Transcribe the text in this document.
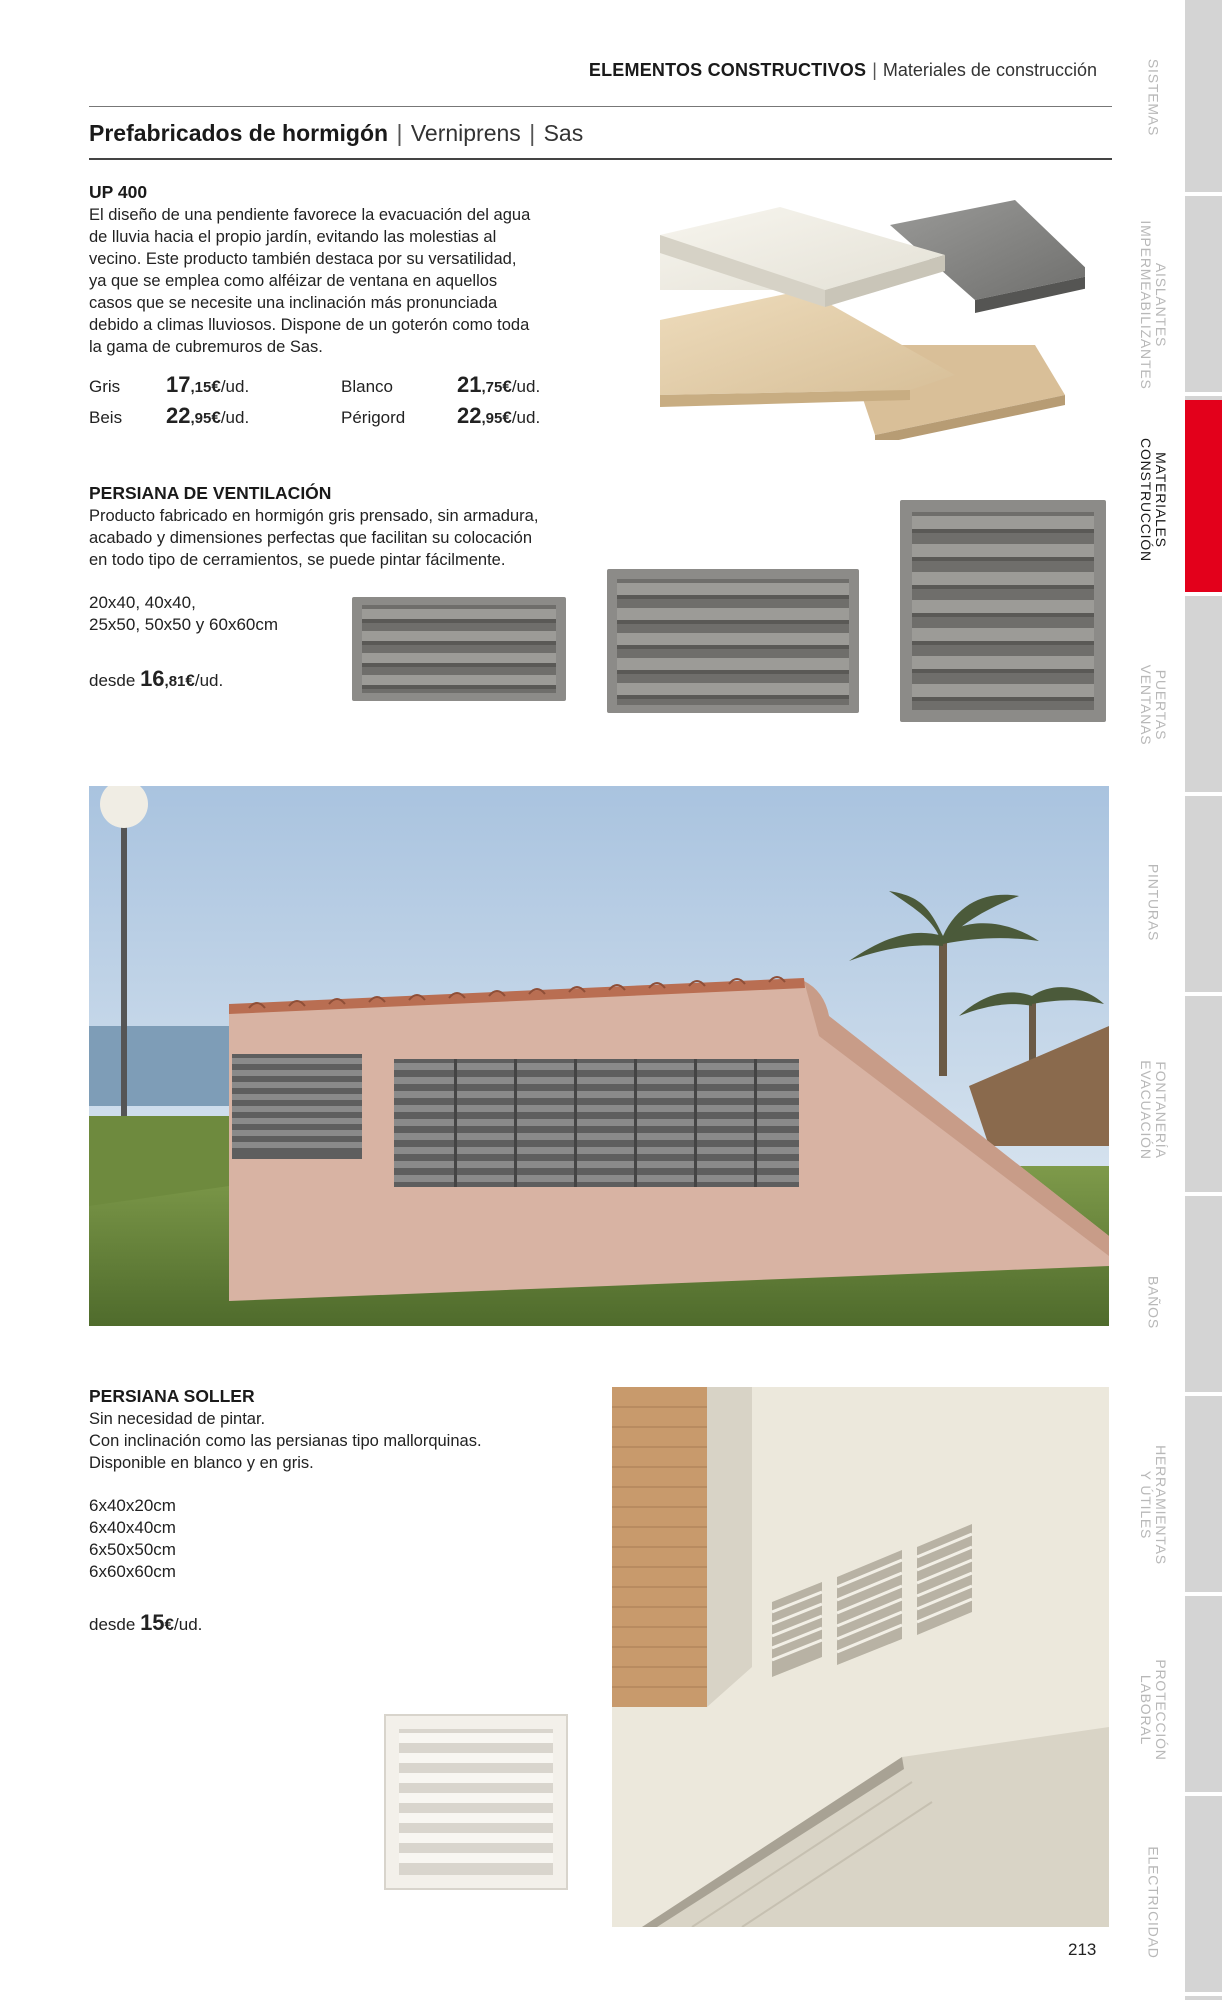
ELEMENTOS CONSTRUCTIVOS | Materiales de construcción
Prefabricados de hormigón | Verniprens | Sas
UP 400
El diseño de una pendiente favorece la evacuación del agua
de lluvia hacia el propio jardín, evitando las molestias al
vecino. Este producto también destaca por su versatilidad,
ya que se emplea como alféizar de ventana en aquellos
casos que se necesite una inclinación más pronunciada
debido a climas lluviosos. Dispone de un goterón como toda
la gama de cubremuros de Sas.
Gris 17,15€/ud.	Blanco	21,75€/ud.
Beis 22,95€/ud.	Périgord 22,95€/ud.
PERSIANA DE VENTILACIÓN
Producto fabricado en hormigón gris prensado, sin armadura,
acabado y dimensiones perfectas que facilitan su colocación
en todo tipo de cerramientos, se puede pintar fácilmente.
20x40, 40x40,
25x50, 50x50 y 60x60cm
desde 16,81€/ud.
PERSIANA SOLLER
Sin necesidad de pintar.
Con inclinación como las persianas tipo mallorquinas.
Disponible en blanco y en gris.
6x40x20cm
6x40x40cm
6x50x50cm
6x60x60cm
desde 15€/ud.
SISTEMAS
AISLANTES
IMPERMEABILIZANTES
MATERIALES
CONSTRUCCIÓN
PUERTAS
VENTANAS
PINTURAS
FONTANERÍA
EVACUACIÓN
BAÑOS
HERRAMIENTAS
Y ÚTILES
PROTECCIÓN
LABORAL
ELECTRICIDAD
213
